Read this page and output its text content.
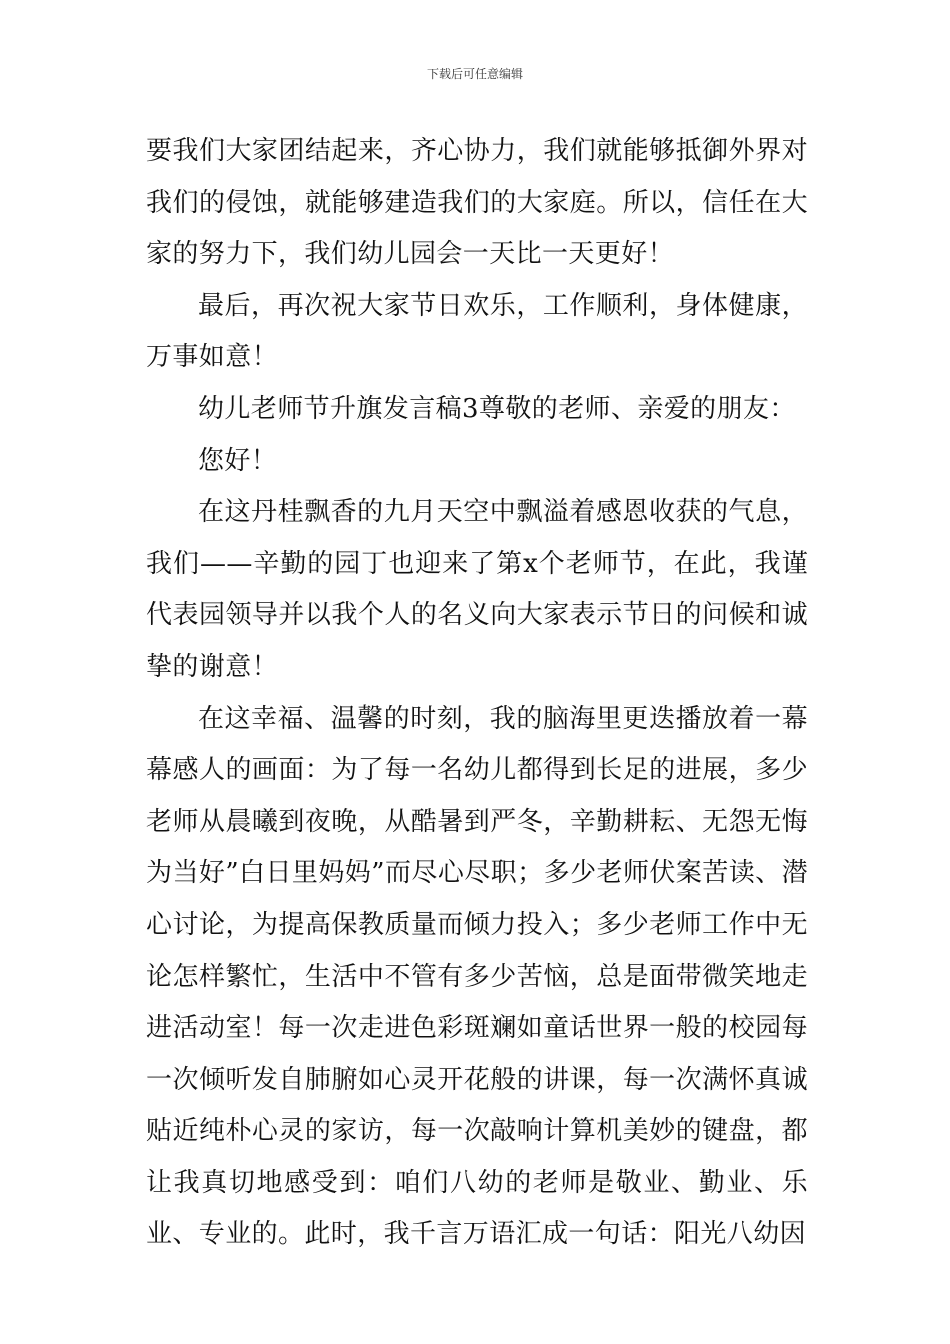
下载后可任意编辑

要我们大家团结起来，齐心协力，我们就能够抵御外界对我们的侵蚀，就能够建造我们的大家庭。所以，信任在大家的努力下，我们幼儿园会一天比一天更好！

最后，再次祝大家节日欢乐，工作顺利，身体健康，万事如意！

幼儿老师节升旗发言稿3尊敬的老师、亲爱的朋友：

您好！

在这丹桂飘香的九月天空中飘溢着感恩收获的气息，我们——辛勤的园丁也迎来了第x个老师节，在此，我谨代表园领导并以我个人的名义向大家表示节日的问候和诚挚的谢意！

在这幸福、温馨的时刻，我的脑海里更迭播放着一幕幕感人的画面：为了每一名幼儿都得到长足的进展，多少老师从晨曦到夜晚，从酷暑到严冬，辛勤耕耘、无怨无悔为当好”白日里妈妈”而尽心尽职；多少老师伏案苦读、潜心讨论，为提高保教质量而倾力投入；多少老师工作中无论怎样繁忙，生活中不管有多少苦恼，总是面带微笑地走进活动室！每一次走进色彩斑斓如童话世界一般的校园每一次倾听发自肺腑如心灵开花般的讲课，每一次满怀真诚贴近纯朴心灵的家访，每一次敲响计算机美妙的键盘，都让我真切地感受到：咱们八幼的老师是敬业、勤业、乐业、专业的。此时，我千言万语汇成一句话：阳光八幼因
